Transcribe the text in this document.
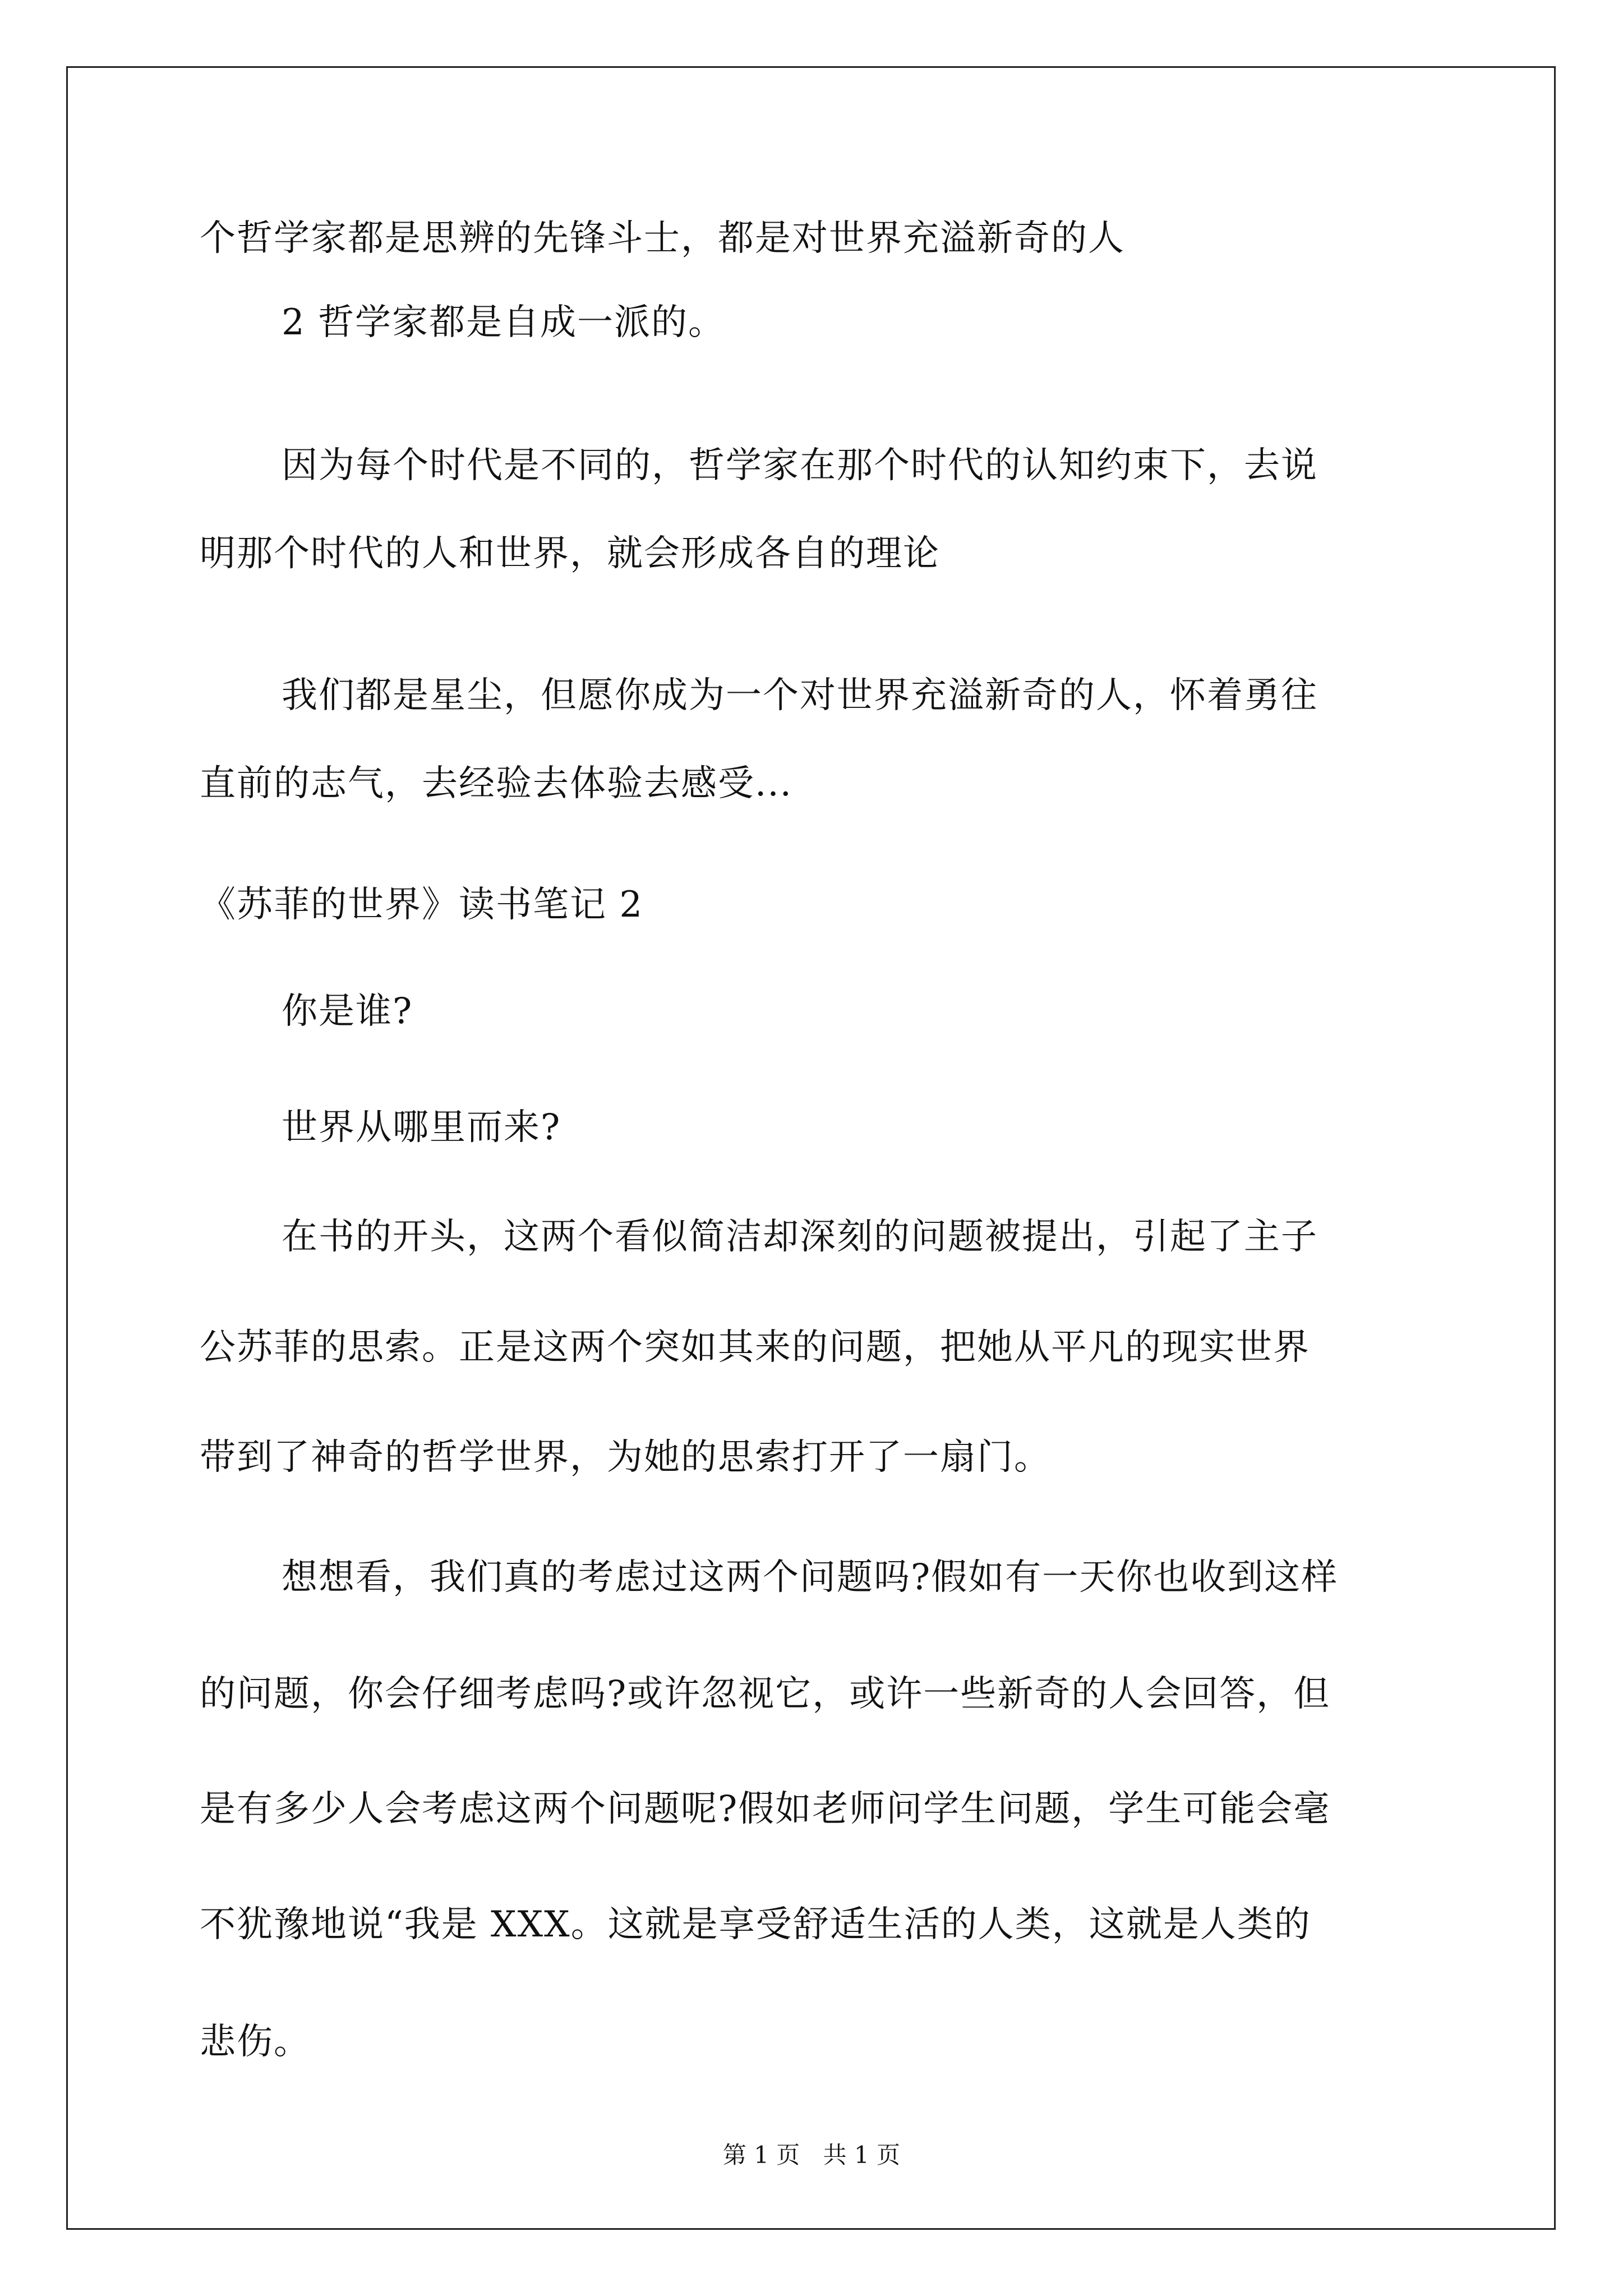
个哲学家都是思辨的先锋斗士，都是对世界充溢新奇的人
2 哲学家都是自成一派的。
因为每个时代是不同的，哲学家在那个时代的认知约束下，去说
明那个时代的人和世界，就会形成各自的理论
我们都是星尘，但愿你成为一个对世界充溢新奇的人，怀着勇往
直前的志气，去经验去体验去感受...
《苏菲的世界》读书笔记 2
你是谁?
世界从哪里而来?
在书的开头，这两个看似简洁却深刻的问题被提出，引起了主子
公苏菲的思索。正是这两个突如其来的问题，把她从平凡的现实世界
带到了神奇的哲学世界，为她的思索打开了一扇门。
想想看，我们真的考虑过这两个问题吗?假如有一天你也收到这样
的问题，你会仔细考虑吗?或许忽视它，或许一些新奇的人会回答，但
是有多少人会考虑这两个问题呢?假如老师问学生问题，学生可能会毫
不犹豫地说“我是 XXX。这就是享受舒适生活的人类，这就是人类的
悲伤。
第 1 页 共 1 页
